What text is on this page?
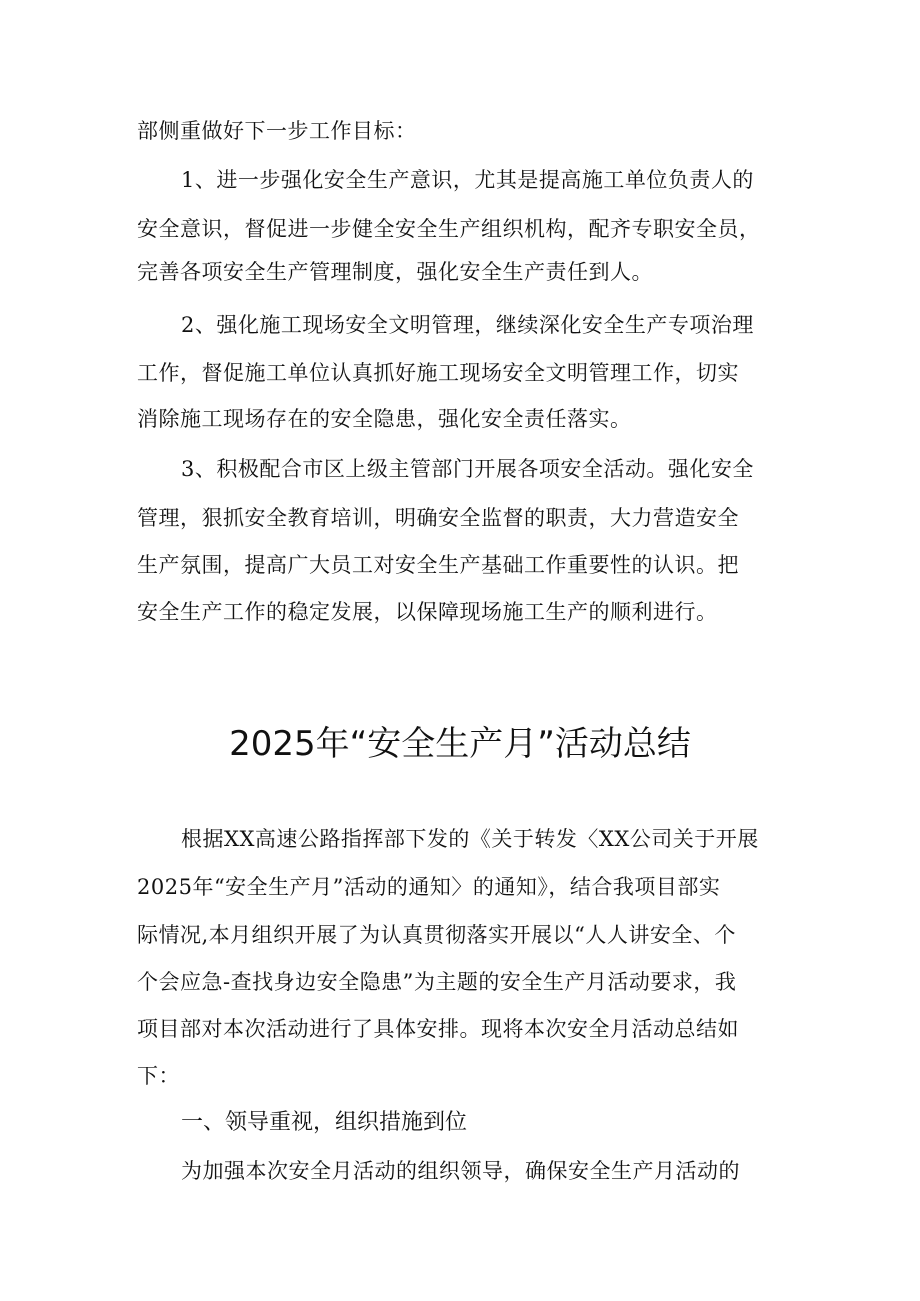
部侧重做好下一步工作目标：
1、进一步强化安全生产意识，尤其是提高施工单位负责人的
安全意识，督促进一步健全安全生产组织机构，配齐专职安全员，
完善各项安全生产管理制度，强化安全生产责任到人。
2、强化施工现场安全文明管理，继续深化安全生产专项治理
工作，督促施工单位认真抓好施工现场安全文明管理工作，切实
消除施工现场存在的安全隐患，强化安全责任落实。
3、积极配合市区上级主管部门开展各项安全活动。强化安全
管理，狠抓安全教育培训，明确安全监督的职责，大力营造安全
生产氛围，提高广大员工对安全生产基础工作重要性的认识。把
安全生产工作的稳定发展，以保障现场施工生产的顺利进行。
2025年“安全生产月”活动总结
根据XX高速公路指挥部下发的《关于转发〈XX公司关于开展
2025年“安全生产月”活动的通知〉的通知》，结合我项目部实
际情况,本月组织开展了为认真贯彻落实开展以“人人讲安全、个
个会应急-查找身边安全隐患”为主题的安全生产月活动要求，我
项目部对本次活动进行了具体安排。现将本次安全月活动总结如
下：
一、领导重视，组织措施到位
为加强本次安全月活动的组织领导，确保安全生产月活动的
